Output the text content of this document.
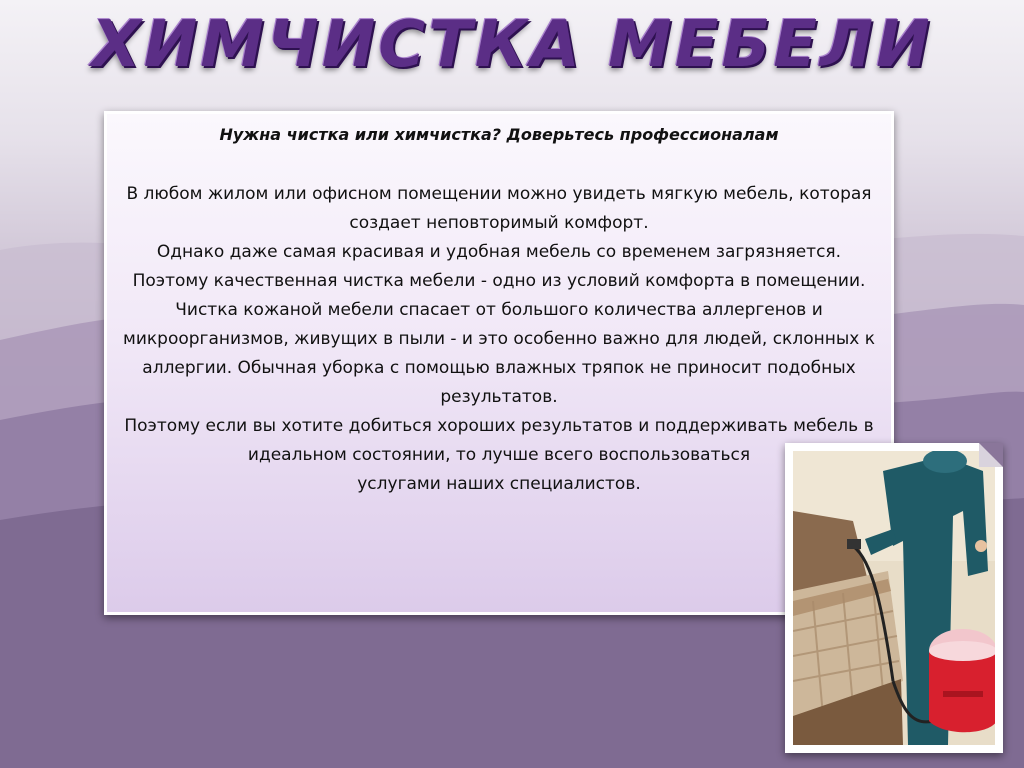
ХИМЧИСТКА МЕБЕЛИ
Нужна чистка или химчистка? Доверьтесь профессионалам

В любом жилом или офисном помещении можно увидеть мягкую мебель, которая создает неповторимый комфорт.

Однако даже самая красивая и удобная мебель со временем загрязняется. Поэтому качественная чистка мебели - одно из условий комфорта в помещении.

Чистка кожаной мебели спасает от большого количества аллергенов и микроорганизмов, живущих в пыли - и это особенно важно для людей, склонных к аллергии. Обычная уборка с помощью влажных тряпок не приносит подобных результатов.

Поэтому если вы хотите добиться хороших результатов и поддерживать мебель в идеальном состоянии, то лучше всего воспользоваться

услугами наших специалистов.
